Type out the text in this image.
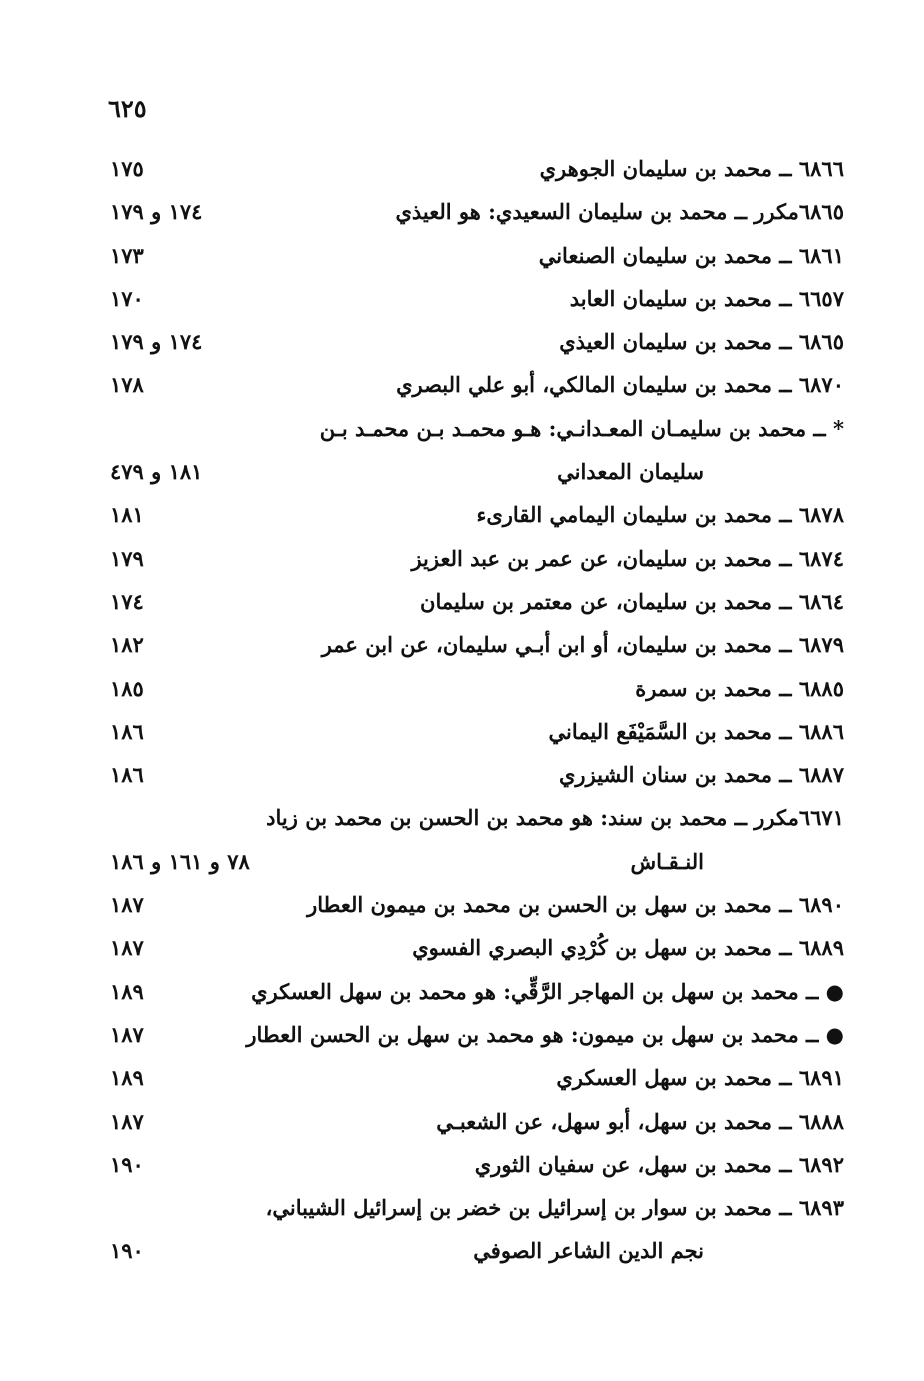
٦٢٥
٦٨٦٦ ــ محمد بن سليمان الجوهري
١٧٥
٦٨٦٥مكرر ــ محمد بن سليمان السعيدي: هو العيذي
١٧٤ و ١٧٩
٦٨٦١ ــ محمد بن سليمان الصنعاني
١٧٣
٦٦٥٧ ــ محمد بن سليمان العابد
١٧٠
٦٨٦٥ ــ محمد بن سليمان العيذي
١٧٤ و ١٧٩
٦٨٧٠ ــ محمد بن سليمان المالكي، أبو علي البصري
١٧٨
* ــ محمد بن سليمـان المعـدانـي: هـو محمـد بـن محمـد بـن
سليمان المعداني
١٨١ و ٤٧٩
٦٨٧٨ ــ محمد بن سليمان اليمامي القارىء
١٨١
٦٨٧٤ ــ محمد بن سليمان، عن عمر بن عبد العزيز
١٧٩
٦٨٦٤ ــ محمد بن سليمان، عن معتمر بن سليمان
١٧٤
٦٨٧٩ ــ محمد بن سليمان، أو ابن أبـي سليمان، عن ابن عمر
١٨٢
٦٨٨٥ ــ محمد بن سمرة
١٨٥
٦٨٨٦ ــ محمد بن السَّمَيْفَع اليماني
١٨٦
٦٨٨٧ ــ محمد بن سنان الشيزري
١٨٦
٦٦٧١مكرر ــ محمد بن سند: هو محمد بن الحسن بن محمد بن زياد
النـقـاش
٧٨ و ١٦١ و ١٨٦
٦٨٩٠ ــ محمد بن سهل بن الحسن بن محمد بن ميمون العطار
١٨٧
٦٨٨٩ ــ محمد بن سهل بن كُرْدِي البصري الفسوي
١٨٧
● ــ محمد بن سهل بن المهاجر الرَّقِّي: هو محمد بن سهل العسكري
١٨٩
● ــ محمد بن سهل بن ميمون: هو محمد بن سهل بن الحسن العطار
١٨٧
٦٨٩١ ــ محمد بن سهل العسكري
١٨٩
٦٨٨٨ ــ محمد بن سهل، أبو سهل، عن الشعبـي
١٨٧
٦٨٩٢ ــ محمد بن سهل، عن سفيان الثوري
١٩٠
٦٨٩٣ ــ محمد بن سوار بن إسرائيل بن خضر بن إسرائيل الشيباني،
نجم الدين الشاعر الصوفي
١٩٠
